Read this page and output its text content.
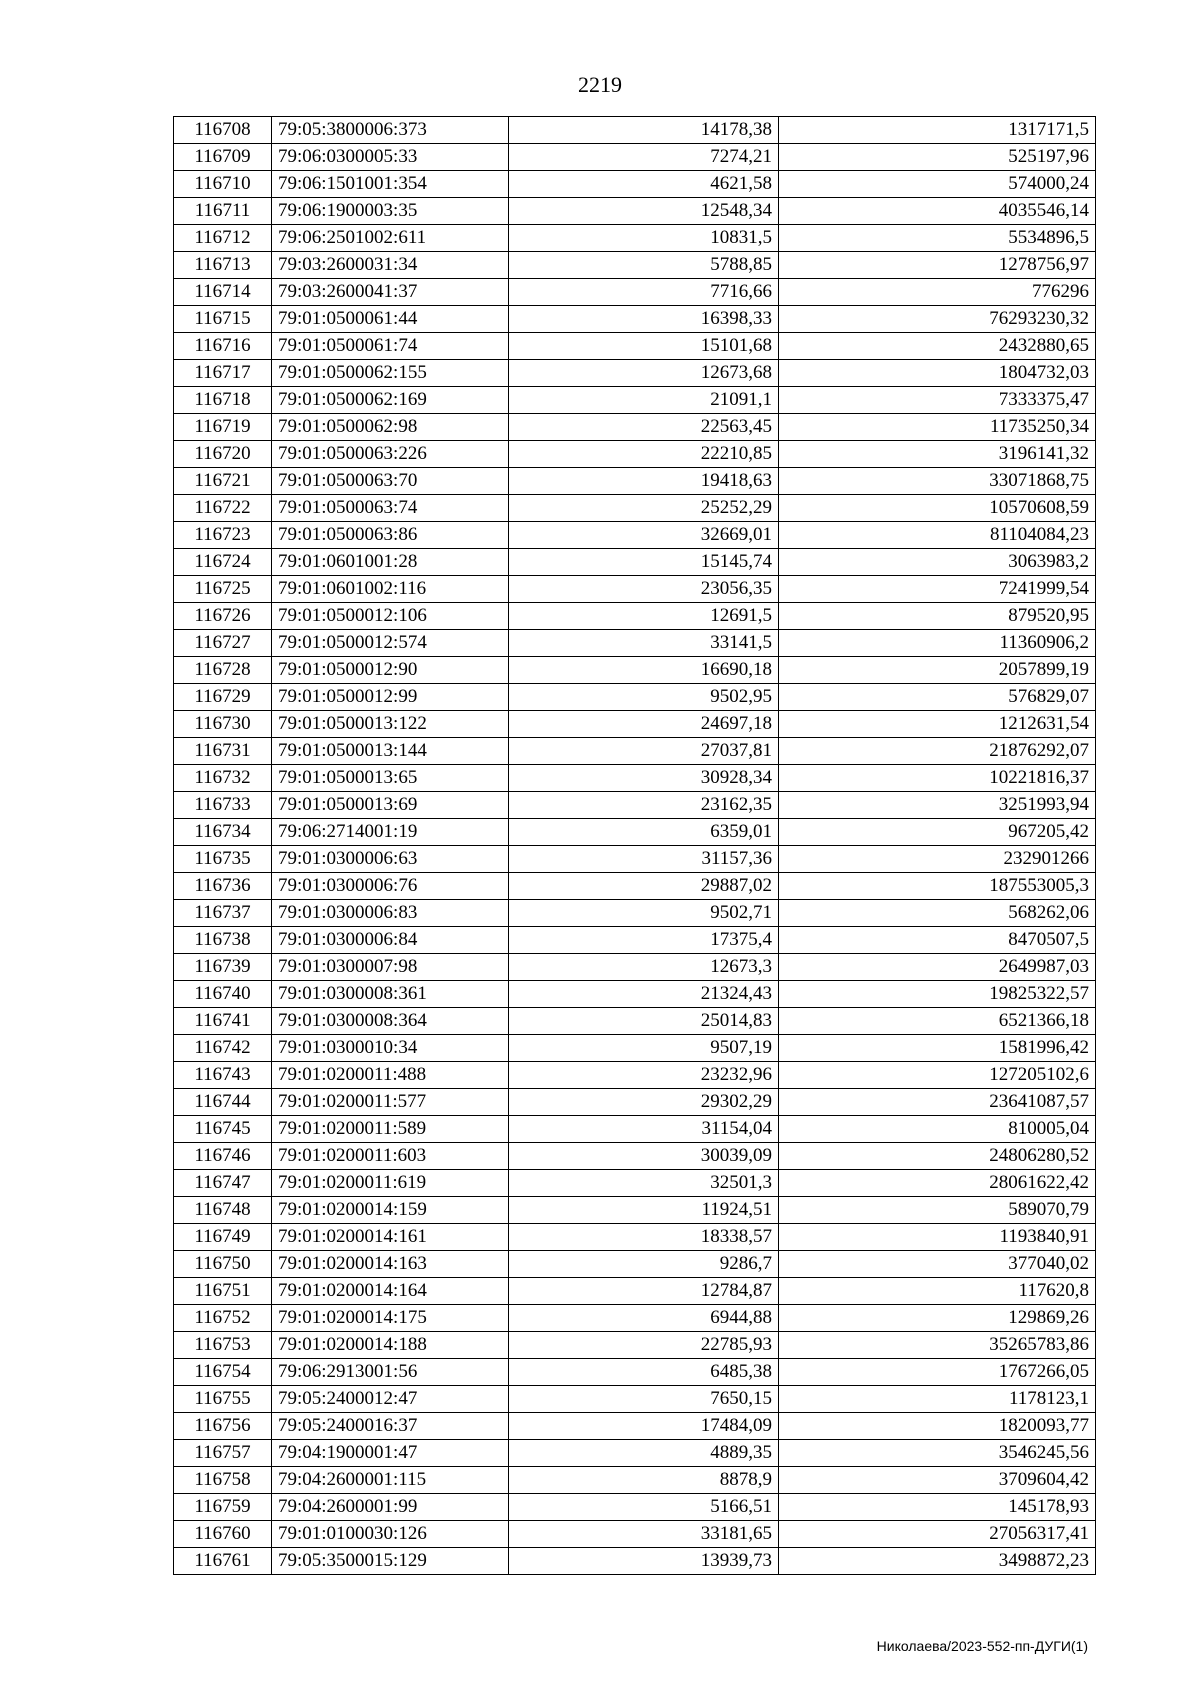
2219
116708	79:05:3800006:373	14178,38	1317171,5
116709	79:06:0300005:33	7274,21	525197,96
116710	79:06:1501001:354	4621,58	574000,24
116711	79:06:1900003:35	12548,34	4035546,14
116712	79:06:2501002:611	10831,5	5534896,5
116713	79:03:2600031:34	5788,85	1278756,97
116714	79:03:2600041:37	7716,66	776296
116715	79:01:0500061:44	16398,33	76293230,32
116716	79:01:0500061:74	15101,68	2432880,65
116717	79:01:0500062:155	12673,68	1804732,03
116718	79:01:0500062:169	21091,1	7333375,47
116719	79:01:0500062:98	22563,45	11735250,34
116720	79:01:0500063:226	22210,85	3196141,32
116721	79:01:0500063:70	19418,63	33071868,75
116722	79:01:0500063:74	25252,29	10570608,59
116723	79:01:0500063:86	32669,01	81104084,23
116724	79:01:0601001:28	15145,74	3063983,2
116725	79:01:0601002:116	23056,35	7241999,54
116726	79:01:0500012:106	12691,5	879520,95
116727	79:01:0500012:574	33141,5	11360906,2
116728	79:01:0500012:90	16690,18	2057899,19
116729	79:01:0500012:99	9502,95	576829,07
116730	79:01:0500013:122	24697,18	1212631,54
116731	79:01:0500013:144	27037,81	21876292,07
116732	79:01:0500013:65	30928,34	10221816,37
116733	79:01:0500013:69	23162,35	3251993,94
116734	79:06:2714001:19	6359,01	967205,42
116735	79:01:0300006:63	31157,36	232901266
116736	79:01:0300006:76	29887,02	187553005,3
116737	79:01:0300006:83	9502,71	568262,06
116738	79:01:0300006:84	17375,4	8470507,5
116739	79:01:0300007:98	12673,3	2649987,03
116740	79:01:0300008:361	21324,43	19825322,57
116741	79:01:0300008:364	25014,83	6521366,18
116742	79:01:0300010:34	9507,19	1581996,42
116743	79:01:0200011:488	23232,96	127205102,6
116744	79:01:0200011:577	29302,29	23641087,57
116745	79:01:0200011:589	31154,04	810005,04
116746	79:01:0200011:603	30039,09	24806280,52
116747	79:01:0200011:619	32501,3	28061622,42
116748	79:01:0200014:159	11924,51	589070,79
116749	79:01:0200014:161	18338,57	1193840,91
116750	79:01:0200014:163	9286,7	377040,02
116751	79:01:0200014:164	12784,87	117620,8
116752	79:01:0200014:175	6944,88	129869,26
116753	79:01:0200014:188	22785,93	35265783,86
116754	79:06:2913001:56	6485,38	1767266,05
116755	79:05:2400012:47	7650,15	1178123,1
116756	79:05:2400016:37	17484,09	1820093,77
116757	79:04:1900001:47	4889,35	3546245,56
116758	79:04:2600001:115	8878,9	3709604,42
116759	79:04:2600001:99	5166,51	145178,93
116760	79:01:0100030:126	33181,65	27056317,41
116761	79:05:3500015:129	13939,73	3498872,23
Николаева/2023-552-пп-ДУГИ(1)
